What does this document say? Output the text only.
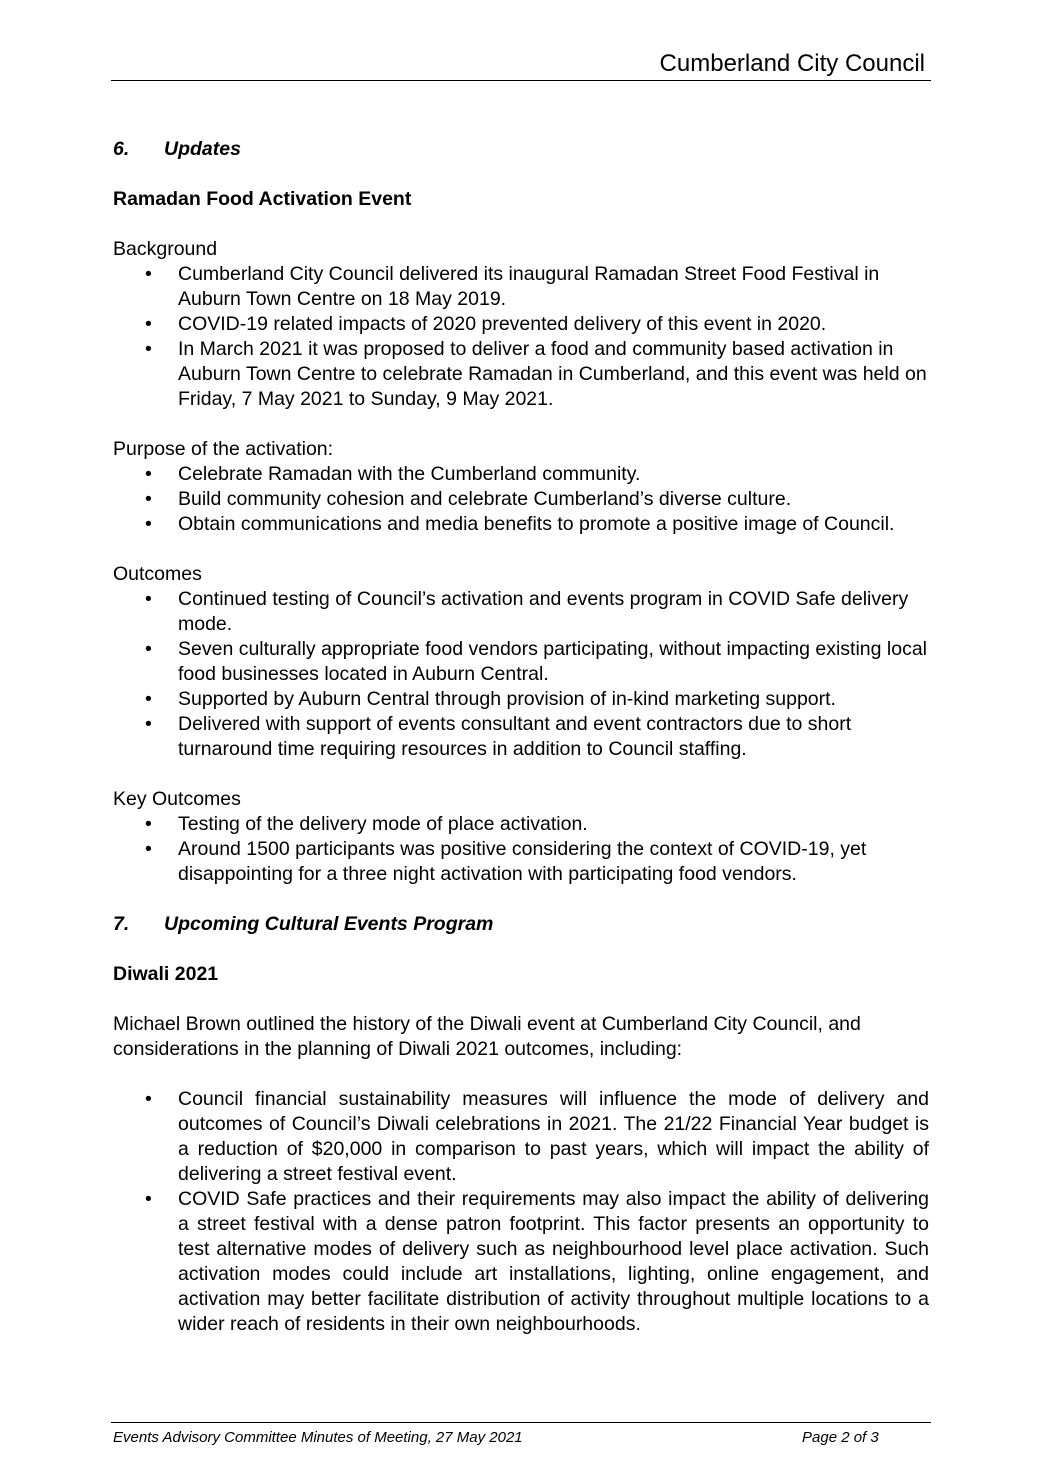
Cumberland City Council
6.	Updates
Ramadan Food Activation Event
Background
• Cumberland City Council delivered its inaugural Ramadan Street Food Festival in Auburn Town Centre on 18 May 2019.
• COVID-19 related impacts of 2020 prevented delivery of this event in 2020.
• In March 2021 it was proposed to deliver a food and community based activation in Auburn Town Centre to celebrate Ramadan in Cumberland, and this event was held on Friday, 7 May 2021 to Sunday, 9 May 2021.
Purpose of the activation:
• Celebrate Ramadan with the Cumberland community.
• Build community cohesion and celebrate Cumberland’s diverse culture.
• Obtain communications and media benefits to promote a positive image of Council.
Outcomes
• Continued testing of Council’s activation and events program in COVID Safe delivery mode.
• Seven culturally appropriate food vendors participating, without impacting existing local food businesses located in Auburn Central.
• Supported by Auburn Central through provision of in-kind marketing support.
• Delivered with support of events consultant and event contractors due to short turnaround time requiring resources in addition to Council staffing.
Key Outcomes
• Testing of the delivery mode of place activation.
• Around 1500 participants was positive considering the context of COVID-19, yet disappointing for a three night activation with participating food vendors.
7.	Upcoming Cultural Events Program
Diwali 2021

Michael Brown outlined the history of the Diwali event at Cumberland City Council, and considerations in the planning of Diwali 2021 outcomes, including:

• Council financial sustainability measures will influence the mode of delivery and outcomes of Council’s Diwali celebrations in 2021. The 21/22 Financial Year budget is a reduction of $20,000 in comparison to past years, which will impact the ability of delivering a street festival event.
• COVID Safe practices and their requirements may also impact the ability of delivering a street festival with a dense patron footprint. This factor presents an opportunity to test alternative modes of delivery such as neighbourhood level place activation. Such activation modes could include art installations, lighting, online engagement, and activation may better facilitate distribution of activity throughout multiple locations to a wider reach of residents in their own neighbourhoods.
Events Advisory Committee Minutes of Meeting, 27 May 2021	Page 2 of 3
